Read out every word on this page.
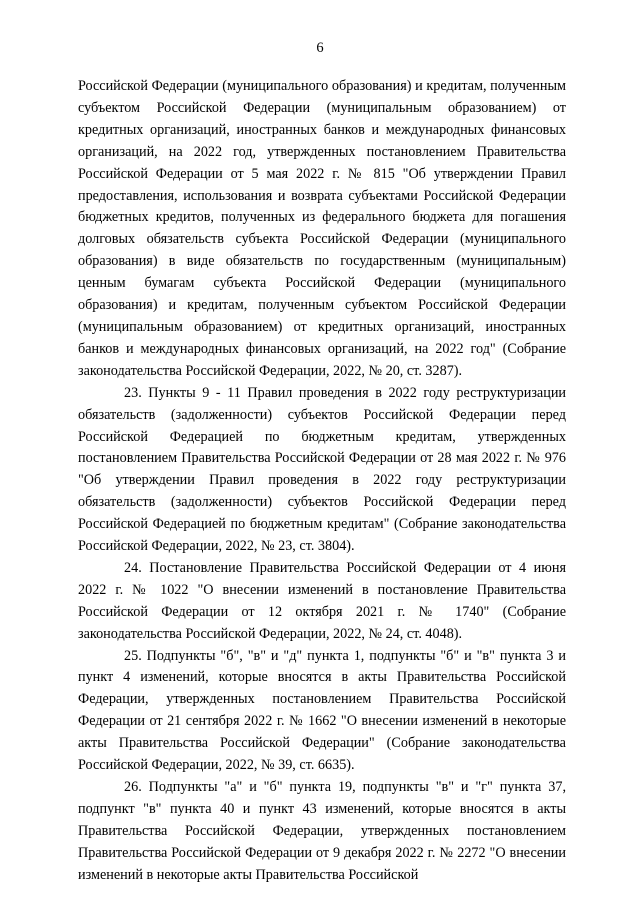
6

Российской Федерации (муниципального образования) и кредитам, полученным субъектом Российской Федерации (муниципальным образованием) от кредитных организаций, иностранных банков и международных финансовых организаций, на 2022 год, утвержденных постановлением Правительства Российской Федерации от 5 мая 2022 г. № 815 "Об утверждении Правил предоставления, использования и возврата субъектами Российской Федерации бюджетных кредитов, полученных из федерального бюджета для погашения долговых обязательств субъекта Российской Федерации (муниципального образования) в виде обязательств по государственным (муниципальным) ценным бумагам субъекта Российской Федерации (муниципального образования) и кредитам, полученным субъектом Российской Федерации (муниципальным образованием) от кредитных организаций, иностранных банков и международных финансовых организаций, на 2022 год" (Собрание законодательства Российской Федерации, 2022, № 20, ст. 3287).

23. Пункты 9 - 11 Правил проведения в 2022 году реструктуризации обязательств (задолженности) субъектов Российской Федерации перед Российской Федерацией по бюджетным кредитам, утвержденных постановлением Правительства Российской Федерации от 28 мая 2022 г. № 976 "Об утверждении Правил проведения в 2022 году реструктуризации обязательств (задолженности) субъектов Российской Федерации перед Российской Федерацией по бюджетным кредитам" (Собрание законодательства Российской Федерации, 2022, № 23, ст. 3804).

24. Постановление Правительства Российской Федерации от 4 июня 2022 г. № 1022 "О внесении изменений в постановление Правительства Российской Федерации от 12 октября 2021 г. № 1740" (Собрание законодательства Российской Федерации, 2022, № 24, ст. 4048).

25. Подпункты "б", "в" и "д" пункта 1, подпункты "б" и "в" пункта 3 и пункт 4 изменений, которые вносятся в акты Правительства Российской Федерации, утвержденных постановлением Правительства Российской Федерации от 21 сентября 2022 г. № 1662 "О внесении изменений в некоторые акты Правительства Российской Федерации" (Собрание законодательства Российской Федерации, 2022, № 39, ст. 6635).

26. Подпункты "а" и "б" пункта 19, подпункты "в" и "г" пункта 37, подпункт "в" пункта 40 и пункт 43 изменений, которые вносятся в акты Правительства Российской Федерации, утвержденных постановлением Правительства Российской Федерации от 9 декабря 2022 г. № 2272 "О внесении изменений в некоторые акты Правительства Российской
